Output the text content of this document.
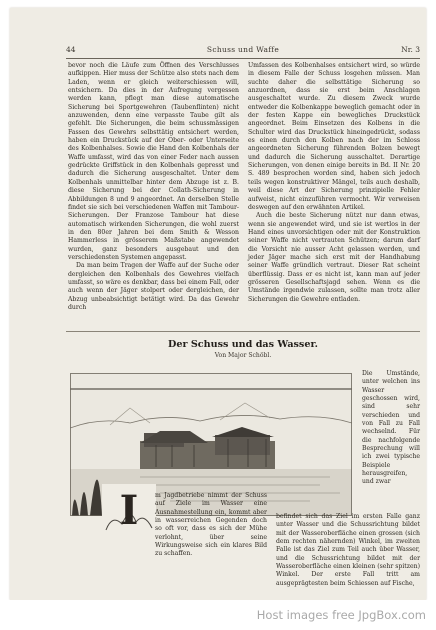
44	Schuss und Waffe	Nr. 3

bevor noch die Läufe zum Öffnen des Verschlusses aufkippen. Hier muss der Schütze also stets nach dem Laden, wenn er gleich weiterschiessen will, entsichern. Da dies in der Aufregung vergessen werden kann, pflegt man diese automatische Sicherung bei Sportgewehren (Taubenflinten) nicht anzuwenden, denn eine verpasste Taube gilt als gefehlt. Die Sicherungen, die beim schussmässigen Fassen des Gewehrs selbsttätig entsichert werden, haben ein Druckstück auf der Ober- oder Unterseite des Kolbenhalses. Sowie die Hand den Kolbenhals der Waffe umfasst, wird das von einer Feder nach aussen gedrückte Griffstück in den Kolbenhals gepresst und dadurch die Sicherung ausgeschaltet. Unter dem Kolbenhals unmittelbar hinter dem Abzuge ist z. B. diese Sicherung bei der Collath-Sicherung in Abbildungen 8 und 9 angeordnet. An derselben Stelle findet sie sich bei verschiedenen Waffen mit Tambour-Sicherungen. Der Franzose Tambour hat diese automatisch wirkenden Sicherungen, die wohl zuerst in den 80er Jahren bei dem Smith & Wesson Hammerless in grösserem Maßstabe angewendet wurden, ganz besonders ausgebaut und den verschiedensten Systemen angepasst.

Da man beim Tragen der Waffe auf der Suche oder dergleichen den Kolbenhals des Gewehres vielfach umfasst, so wäre es denkbar, dass bei einem Fall, oder auch wenn der Jäger stolpert oder dergleichen, der Abzug unbeabsichtigt betätigt wird. Da das Gewehr durch

Umfassen des Kolbenhalses entsichert wird, so würde in diesem Falle der Schuss losgehen müssen. Man suchte daher die selbsttätige Sicherung so anzuordnen, dass sie erst beim Anschlagen ausgeschaltet wurde. Zu diesem Zweck wurde entweder die Kolbenkappe beweglich gemacht oder in der festen Kappe ein bewegliches Druckstück angeordnet. Beim Einsetzen des Kolbens in die Schulter wird das Druckstück hineingedrückt, sodass es einen durch den Kolben nach der im Schloss angeordneten Sicherung führenden Bolzen bewegt und dadurch die Sicherung ausschaltet. Derartige Sicherungen, von denen einige bereits in Bd. II Nr. 20 S. 489 besprochen worden sind, haben sich jedoch teils wegen konstruktiver Mängel, teils auch deshalb, weil diese Art der Sicherung prinzipielle Fehler aufweist, nicht einzuführen vermocht. Wir verweisen deswegen auf den erwähnten Artikel.

Auch die beste Sicherung nützt nur dann etwas, wenn sie angewendet wird, und sie ist wertlos in der Hand eines unvorsichtigen oder mit der Konstruktion seiner Waffe nicht vertrauten Schützen; darum darf die Vorsicht nie ausser Acht gelassen werden, und jeder Jäger mache sich erst mit der Handhabung seiner Waffe gründlich vertraut. Dieser Rat scheint überflüssig. Dass er es nicht ist, kann man auf jeder grösseren Gesellschaftsjagd sehen. Wenn es die Umstände irgendwie zulassen, sollte man trotz aller Sicherungen die Gewehre entladen.

Der Schuss und das Wasser.
Von Major Schöbl.
I

Die Umstände, unter welchen ins Wasser geschossen wird, sind sehr verschieden und von Fall zu Fall wechselnd. Für die nachfolgende Besprechung will ich zwei typische Beispiele herausgreifen, und zwar

m Jagdbetriebe nimmt der Schuss auf Ziele im Wasser eine Ausnahmestellung ein, kommt aber in wasserreichen Gegenden doch so oft vor, dass es sich der Mühe verlohnt, über seine Wirkungsweise sich ein klares Bild zu schaffen.

befindet sich das Ziel im ersten Falle ganz unter Wasser und die Schussrichtung bildet mit der Wasseroberfläche einen grossen (sich dem rechten nähernden) Winkel, im zweiten Falle ist das Ziel zum Teil auch über Wasser, und die Schussrichtung bildet mit der Wasseroberfläche einen kleinen (sehr spitzen) Winkel. Der erste Fall tritt am ausgeprägtesten beim Schiessen auf Fische,

Host images free JpgBox.com
